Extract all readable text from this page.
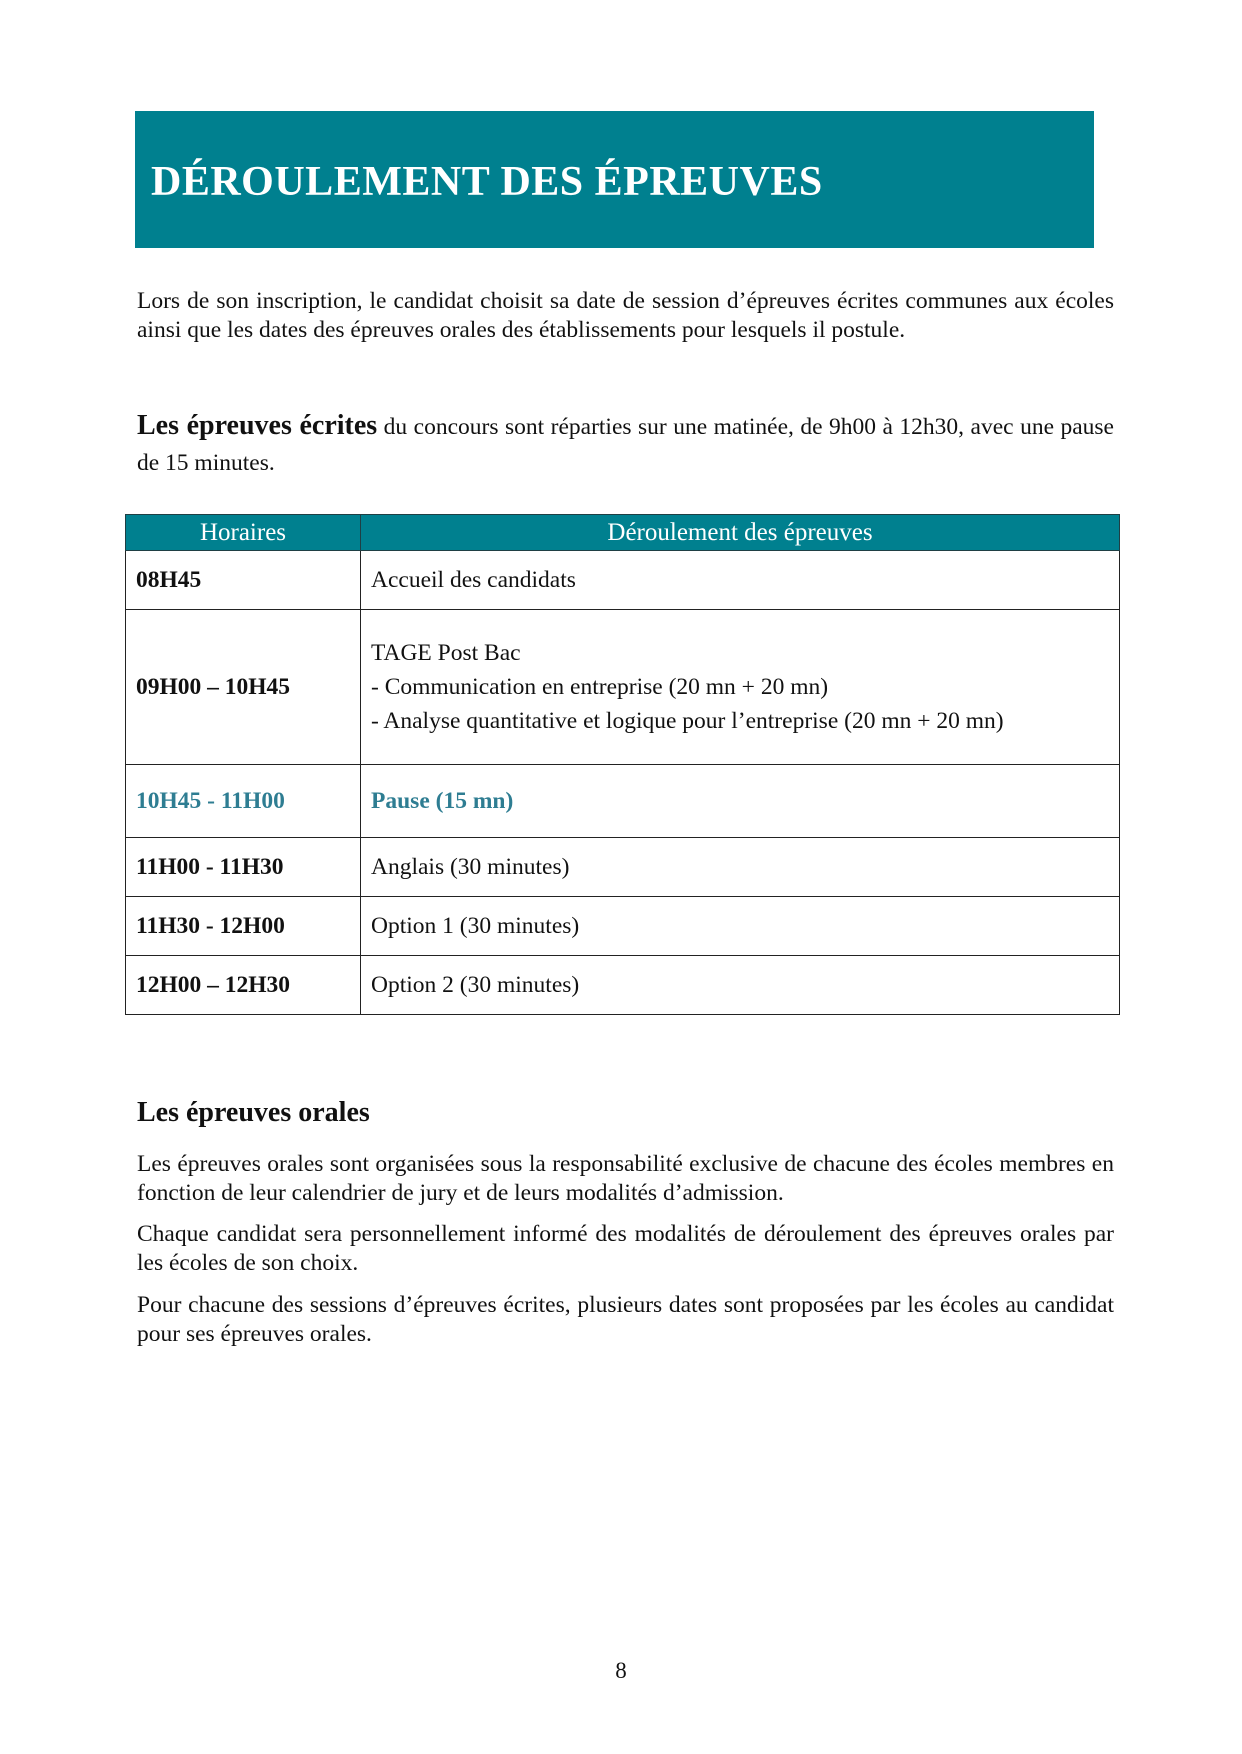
DÉROULEMENT DES ÉPREUVES
Lors de son inscription, le candidat choisit sa date de session d’épreuves écrites communes aux écoles ainsi que les dates des épreuves orales des établissements pour lesquels il postule.
Les épreuves écrites du concours sont réparties sur une matinée, de 9h00 à 12h30, avec une pause de 15 minutes.
Horaires	Déroulement des épreuves
08H45	Accueil des candidats
09H00 – 10H45	TAGE Post Bac
- Communication en entreprise (20 mn + 20 mn)
- Analyse quantitative et logique pour l’entreprise (20 mn + 20 mn)

10H45 - 11H00	Pause (15 mn)
11H00 - 11H30	Anglais (30 minutes)
11H30 - 12H00	Option 1 (30 minutes)
12H00 – 12H30	Option 2 (30 minutes)
Les épreuves orales
Les épreuves orales sont organisées sous la responsabilité exclusive de chacune des écoles membres en fonction de leur calendrier de jury et de leurs modalités d’admission.
Chaque candidat sera personnellement informé des modalités de déroulement des épreuves orales par les écoles de son choix.
Pour chacune des sessions d’épreuves écrites, plusieurs dates sont proposées par les écoles au candidat pour ses épreuves orales.
8
